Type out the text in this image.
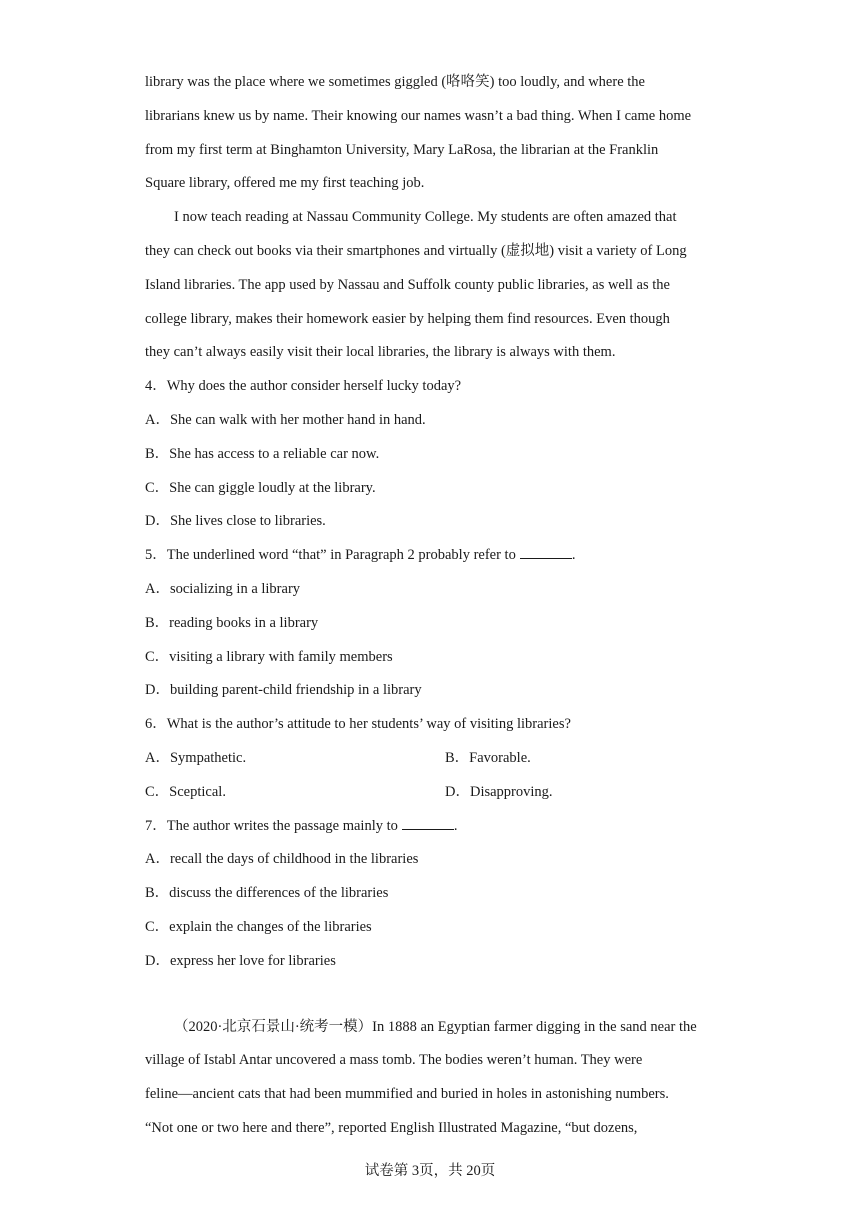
library was the place where we sometimes giggled (咯咯笑) too loudly, and where the
librarians knew us by name. Their knowing our names wasn’t a bad thing. When I came home
from my first term at Binghamton University, Mary LaRosa, the librarian at the Franklin
Square library, offered me my first teaching job.
I now teach reading at Nassau Community College. My students are often amazed that
they can check out books via their smartphones and virtually (虚拟地) visit a variety of Long
Island libraries. The app used by Nassau and Suffolk county public libraries, as well as the
college library, makes their homework easier by helping them find resources. Even though
they can’t always easily visit their local libraries, the library is always with them.
4．Why does the author consider herself lucky today?
A．She can walk with her mother hand in hand.
B．She has access to a reliable car now.
C．She can giggle loudly at the library.
D．She lives close to libraries.
5．The underlined word “that” in Paragraph 2 probably refer to	.
A．socializing in a library
B．reading books in a library
C．visiting a library with family members
D．building parent-child friendship in a library
6．What is the author’s attitude to her students’ way of visiting libraries?
A．Sympathetic.	B．Favorable.
C．Sceptical.	D．Disapproving.
7．The author writes the passage mainly to	.
A．recall the days of childhood in the libraries
B．discuss the differences of the libraries
C．explain the changes of the libraries
D．express her love for libraries
（2020·北京石景山·统考一模）In 1888 an Egyptian farmer digging in the sand near the
village of Istabl Antar uncovered a mass tomb. The bodies weren’t human. They were
feline—ancient cats that had been mummified and buried in holes in astonishing numbers.
“Not one or two here and there”, reported English Illustrated Magazine, “but dozens,
试卷第 3页，共 20页
